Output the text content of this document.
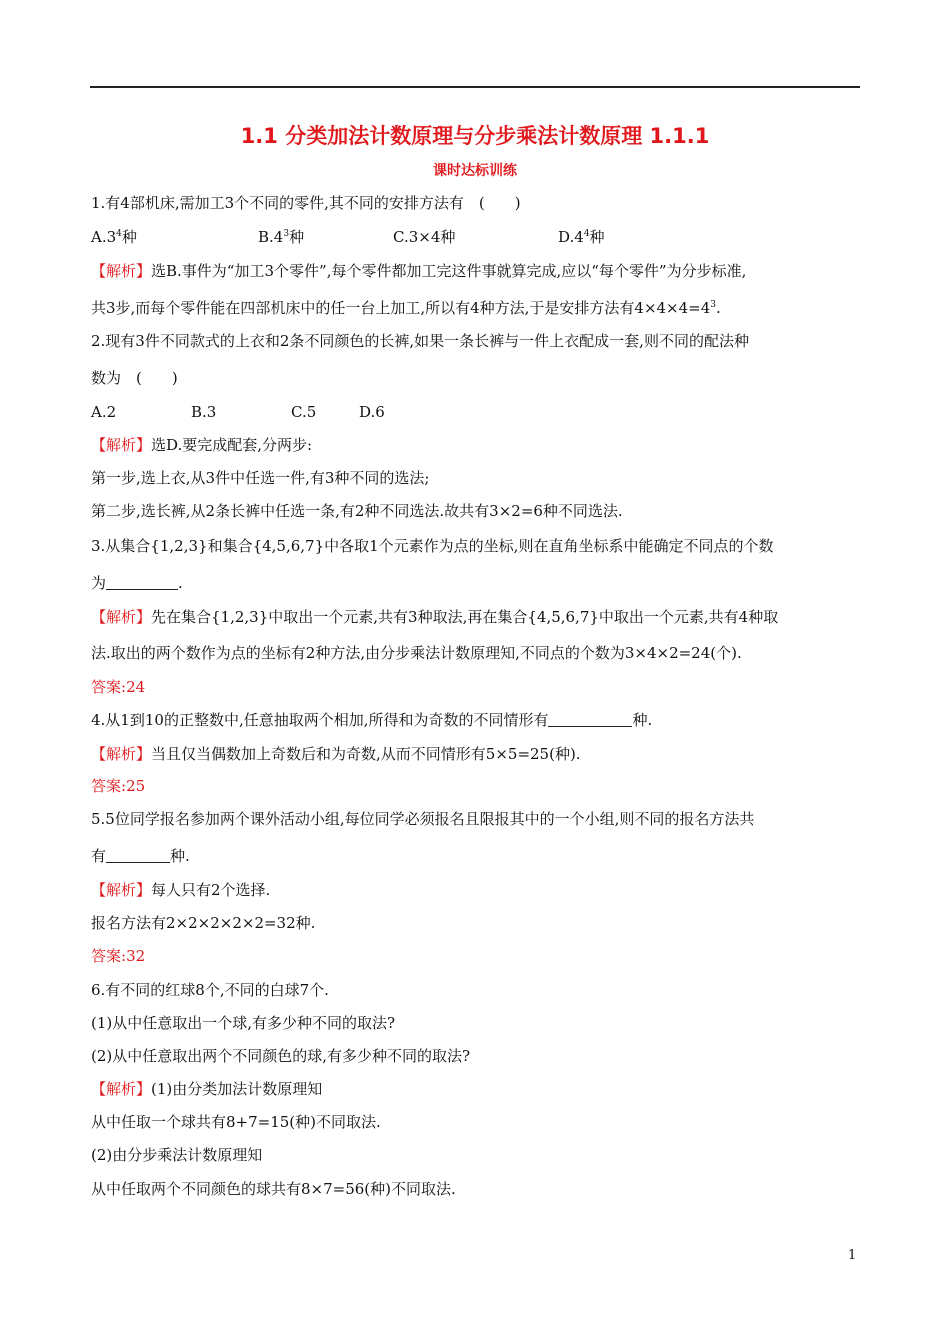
1.1 分类加法计数原理与分步乘法计数原理 1.1.1
课时达标训练
1.有4部机床,需加工3个不同的零件,其不同的安排方法有　(　　)
$A.3^4$种	$B.4^3$种	C.3×4种	$D.4^4$种
【解析】选B.事件为“加工3个零件”,每个零件都加工完这件事就算完成,应以“每个零件”为分步标准,
共3步,而每个零件能在四部机床中的任一台上加工,所以有4种方法,于是安排方法有$4\times 4\times 4=4^3$.
2.现有3件不同款式的上衣和2条不同颜色的长裤,如果一条长裤与一件上衣配成一套,则不同的配法种
数为　(　　)
A.2	B.3	C.5	D.6
【解析】选D.要完成配套,分两步:
第一步,选上衣,从3件中任选一件,有3种不同的选法;
第二步,选长裤,从2条长裤中任选一条,有2种不同选法.故共有3×2=6种不同选法.
3.从集合{1,2,3}和集合{4,5,6,7}中各取1个元素作为点的坐标,则在直角坐标系中能确定不同点的个数
为	.
【解析】先在集合{1,2,3}中取出一个元素,共有3种取法,再在集合{4,5,6,7}中取出一个元素,共有4种取
法.取出的两个数作为点的坐标有2种方法,由分步乘法计数原理知,不同点的个数为3×4×2=24(个).
答案:24
4.从1到10的正整数中,任意抽取两个相加,所得和为奇数的不同情形有	种.
【解析】当且仅当偶数加上奇数后和为奇数,从而不同情形有5×5=25(种).
答案:25
5.5位同学报名参加两个课外活动小组,每位同学必须报名且限报其中的一个小组,则不同的报名方法共
有	种.
【解析】每人只有2个选择.
报名方法有2×2×2×2×2=32种.
答案:32
6.有不同的红球8个,不同的白球7个.
(1)从中任意取出一个球,有多少种不同的取法?
(2)从中任意取出两个不同颜色的球,有多少种不同的取法?
【解析】(1)由分类加法计数原理知
从中任取一个球共有8+7=15(种)不同取法.
(2)由分步乘法计数原理知
从中任取两个不同颜色的球共有8×7=56(种)不同取法.
1
